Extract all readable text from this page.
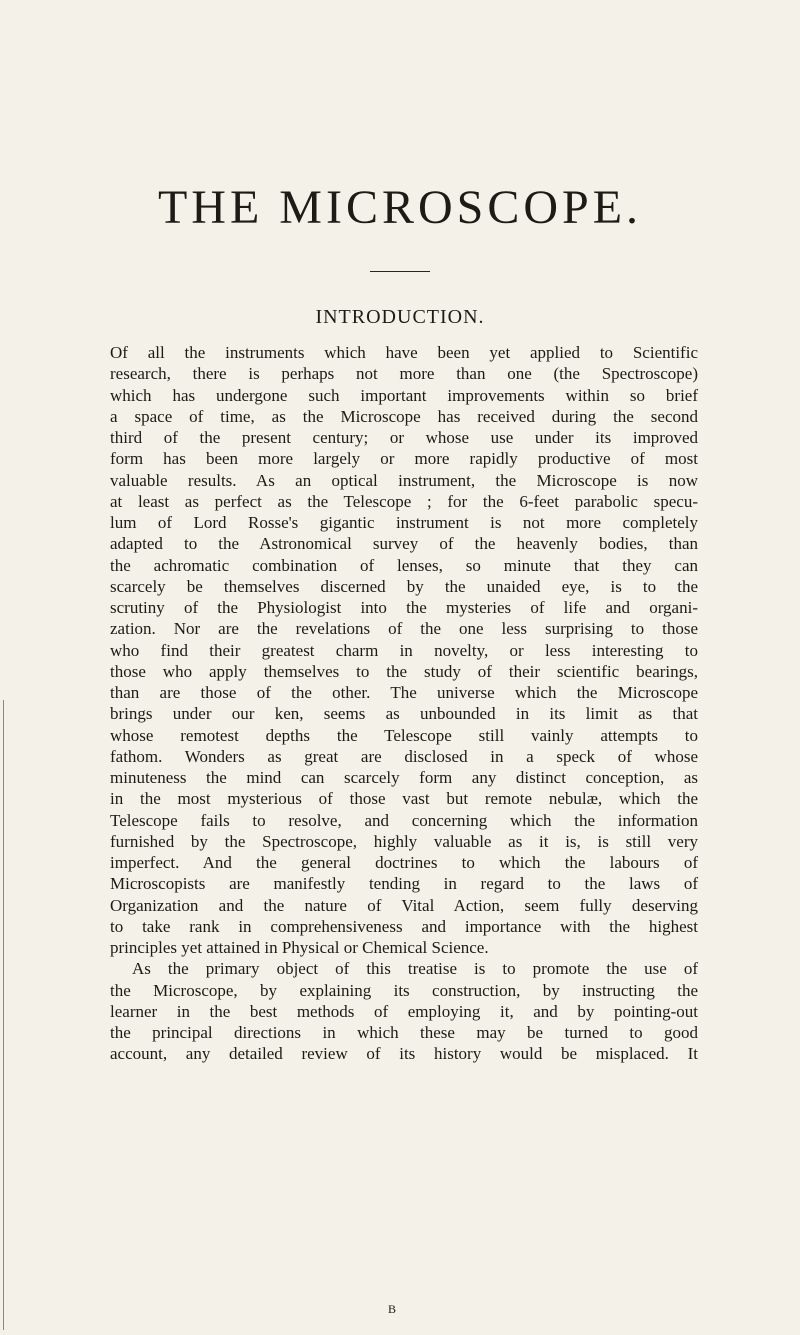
THE MICROSCOPE.
INTRODUCTION.
Of all the instruments which have been yet applied to Scientific
research, there is perhaps not more than one (the Spectroscope)
which has undergone such important improvements within so brief
a space of time, as the Microscope has received during the second
third of the present century; or whose use under its improved
form has been more largely or more rapidly productive of most
valuable results. As an optical instrument, the Microscope is now
at least as perfect as the Telescope ; for the 6-feet parabolic specu-
lum of Lord Rosse's gigantic instrument is not more completely
adapted to the Astronomical survey of the heavenly bodies, than
the achromatic combination of lenses, so minute that they can
scarcely be themselves discerned by the unaided eye, is to the
scrutiny of the Physiologist into the mysteries of life and organi-
zation. Nor are the revelations of the one less surprising to those
who find their greatest charm in novelty, or less interesting to
those who apply themselves to the study of their scientific bearings,
than are those of the other. The universe which the Microscope
brings under our ken, seems as unbounded in its limit as that
whose remotest depths the Telescope still vainly attempts to
fathom. Wonders as great are disclosed in a speck of whose
minuteness the mind can scarcely form any distinct conception, as
in the most mysterious of those vast but remote nebulæ, which the
Telescope fails to resolve, and concerning which the information
furnished by the Spectroscope, highly valuable as it is, is still very
imperfect. And the general doctrines to which the labours of
Microscopists are manifestly tending in regard to the laws of
Organization and the nature of Vital Action, seem fully deserving
to take rank in comprehensiveness and importance with the highest
principles yet attained in Physical or Chemical Science.
As the primary object of this treatise is to promote the use of
the Microscope, by explaining its construction, by instructing the
learner in the best methods of employing it, and by pointing-out
the principal directions in which these may be turned to good
account, any detailed review of its history would be misplaced. It
B
